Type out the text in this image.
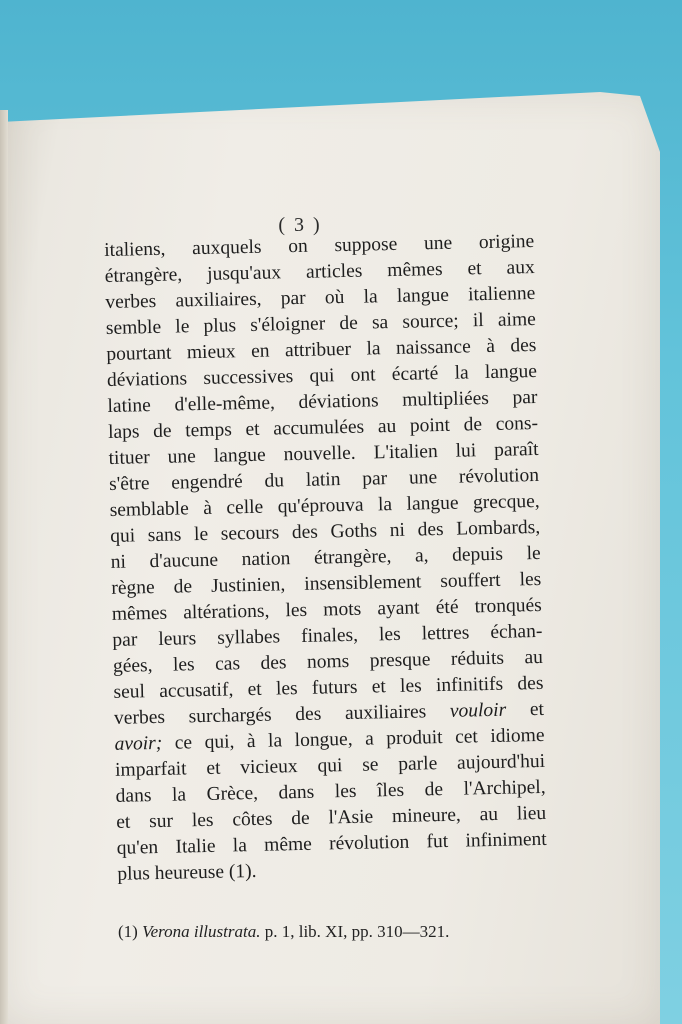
( 3 )
italiens, auxquels on suppose une origine
étrangère, jusqu'aux articles mêmes et aux
verbes auxiliaires, par où la langue italienne
semble le plus s'éloigner de sa source; il aime
pourtant mieux en attribuer la naissance à des
déviations successives qui ont écarté la langue
latine d'elle-même, déviations multipliées par
laps de temps et accumulées au point de cons-
tituer une langue nouvelle. L'italien lui paraît
s'être engendré du latin par une révolution
semblable à celle qu'éprouva la langue grecque,
qui sans le secours des Goths ni des Lombards,
ni d'aucune nation étrangère, a, depuis le
règne de Justinien, insensiblement souffert les
mêmes altérations, les mots ayant été tronqués
par leurs syllabes finales, les lettres échan-
gées, les cas des noms presque réduits au
seul accusatif, et les futurs et les infinitifs des
verbes surchargés des auxiliaires vouloir et
avoir; ce qui, à la longue, a produit cet idiome
imparfait et vicieux qui se parle aujourd'hui
dans la Grèce, dans les îles de l'Archipel,
et sur les côtes de l'Asie mineure, au lieu
qu'en Italie la même révolution fut infiniment
plus heureuse (1).

(1) Verona illustrata. p. 1, lib. XI, pp. 310—321.
